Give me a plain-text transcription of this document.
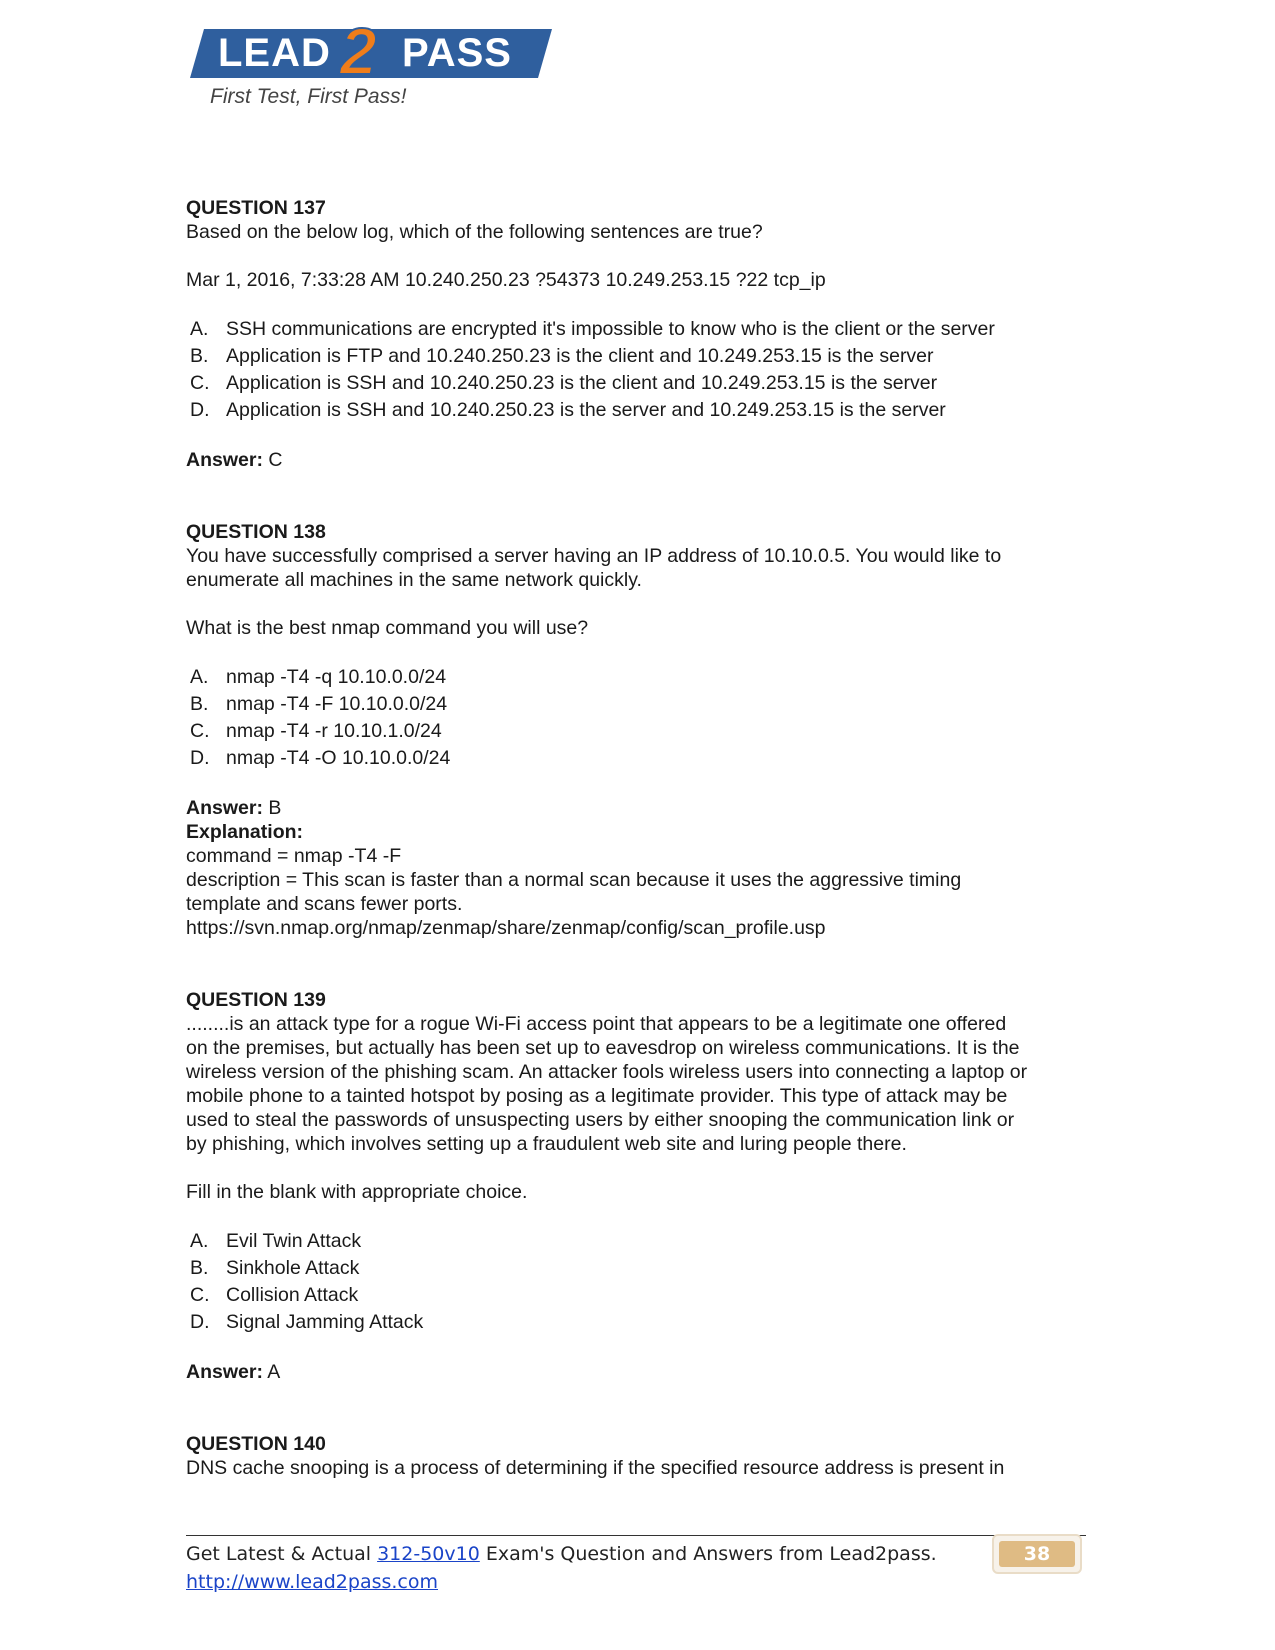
LEAD 2 PASS
First Test, First Pass!
QUESTION 137
Based on the below log, which of the following sentences are true?
Mar 1, 2016, 7:33:28 AM 10.240.250.23 ?54373 10.249.253.15 ?22 tcp_ip
A. SSH communications are encrypted it's impossible to know who is the client or the server
B. Application is FTP and 10.240.250.23 is the client and 10.249.253.15 is the server
C. Application is SSH and 10.240.250.23 is the client and 10.249.253.15 is the server
D. Application is SSH and 10.240.250.23 is the server and 10.249.253.15 is the server
Answer: C
QUESTION 138
You have successfully comprised a server having an IP address of 10.10.0.5. You would like to
enumerate all machines in the same network quickly.
What is the best nmap command you will use?
A. nmap -T4 -q 10.10.0.0/24
B. nmap -T4 -F 10.10.0.0/24
C. nmap -T4 -r 10.10.1.0/24
D. nmap -T4 -O 10.10.0.0/24
Answer: B
Explanation:
command = nmap -T4 -F
description = This scan is faster than a normal scan because it uses the aggressive timing
template and scans fewer ports.
https://svn.nmap.org/nmap/zenmap/share/zenmap/config/scan_profile.usp
QUESTION 139
........is an attack type for a rogue Wi-Fi access point that appears to be a legitimate one offered
on the premises, but actually has been set up to eavesdrop on wireless communications. It is the
wireless version of the phishing scam. An attacker fools wireless users into connecting a laptop or
mobile phone to a tainted hotspot by posing as a legitimate provider. This type of attack may be
used to steal the passwords of unsuspecting users by either snooping the communication link or
by phishing, which involves setting up a fraudulent web site and luring people there.
Fill in the blank with appropriate choice.
A. Evil Twin Attack
B. Sinkhole Attack
C. Collision Attack
D. Signal Jamming Attack
Answer: A
QUESTION 140
DNS cache snooping is a process of determining if the specified resource address is present in
Get Latest & Actual 312-50v10 Exam's Question and Answers from Lead2pass.
http://www.lead2pass.com
38
